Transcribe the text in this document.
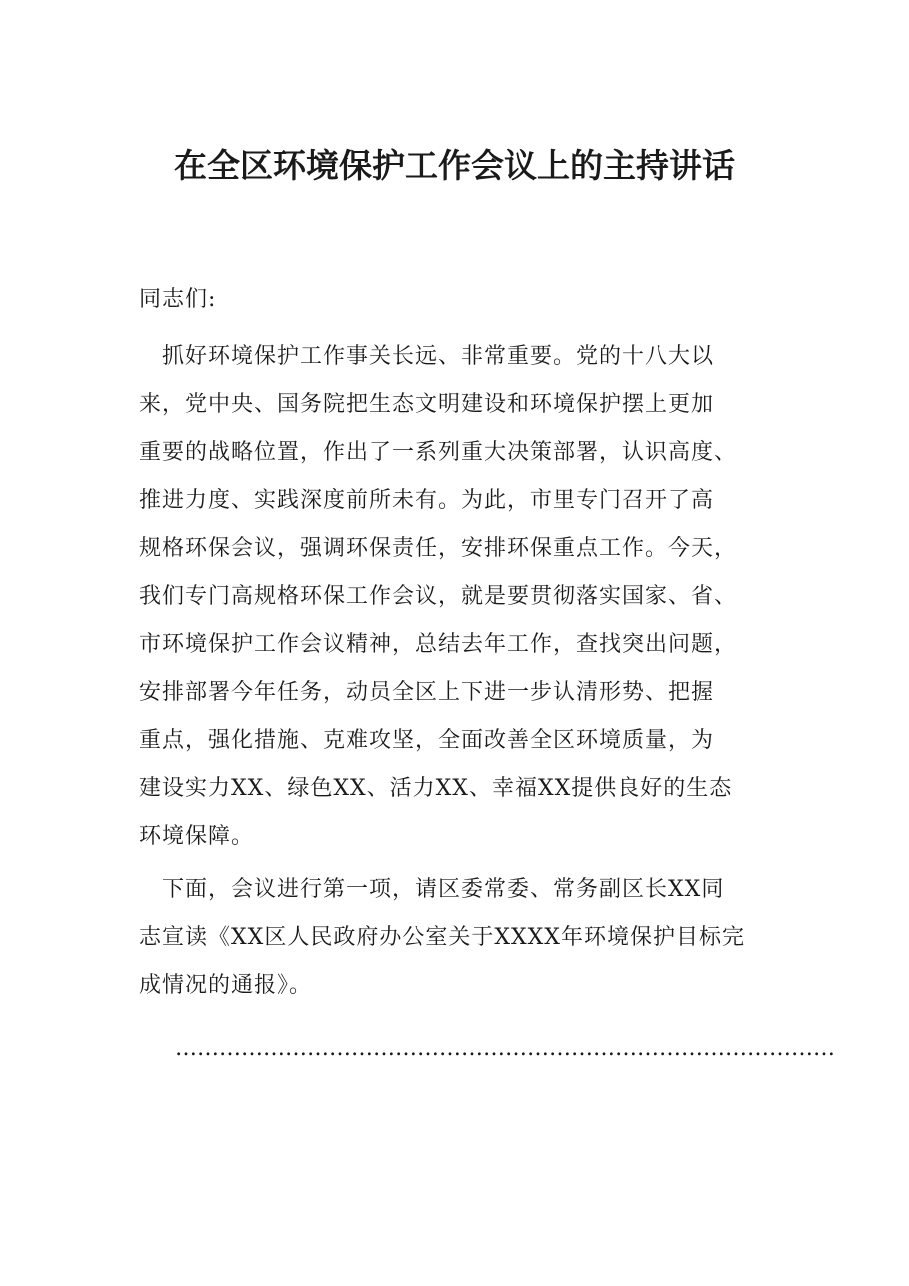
在全区环境保护工作会议上的主持讲话
同志们:
　抓好环境保护工作事关长远、非常重要。党的十八大以
来，党中央、国务院把生态文明建设和环境保护摆上更加
重要的战略位置，作出了一系列重大决策部署，认识高度、
推进力度、实践深度前所未有。为此，市里专门召开了高
规格环保会议，强调环保责任，安排环保重点工作。今天，
我们专门高规格环保工作会议，就是要贯彻落实国家、省、
市环境保护工作会议精神，总结去年工作，查找突出问题，
安排部署今年任务，动员全区上下进一步认清形势、把握
重点，强化措施、克难攻坚，全面改善全区环境质量，为
建设实力XX、绿色XX、活力XX、幸福XX提供良好的生态
环境保障。
　下面，会议进行第一项，请区委常委、常务副区长XX同
志宣读《XX区人民政府办公室关于XXXX年环境保护目标完
成情况的通报》。
………………………………………………………………………………
